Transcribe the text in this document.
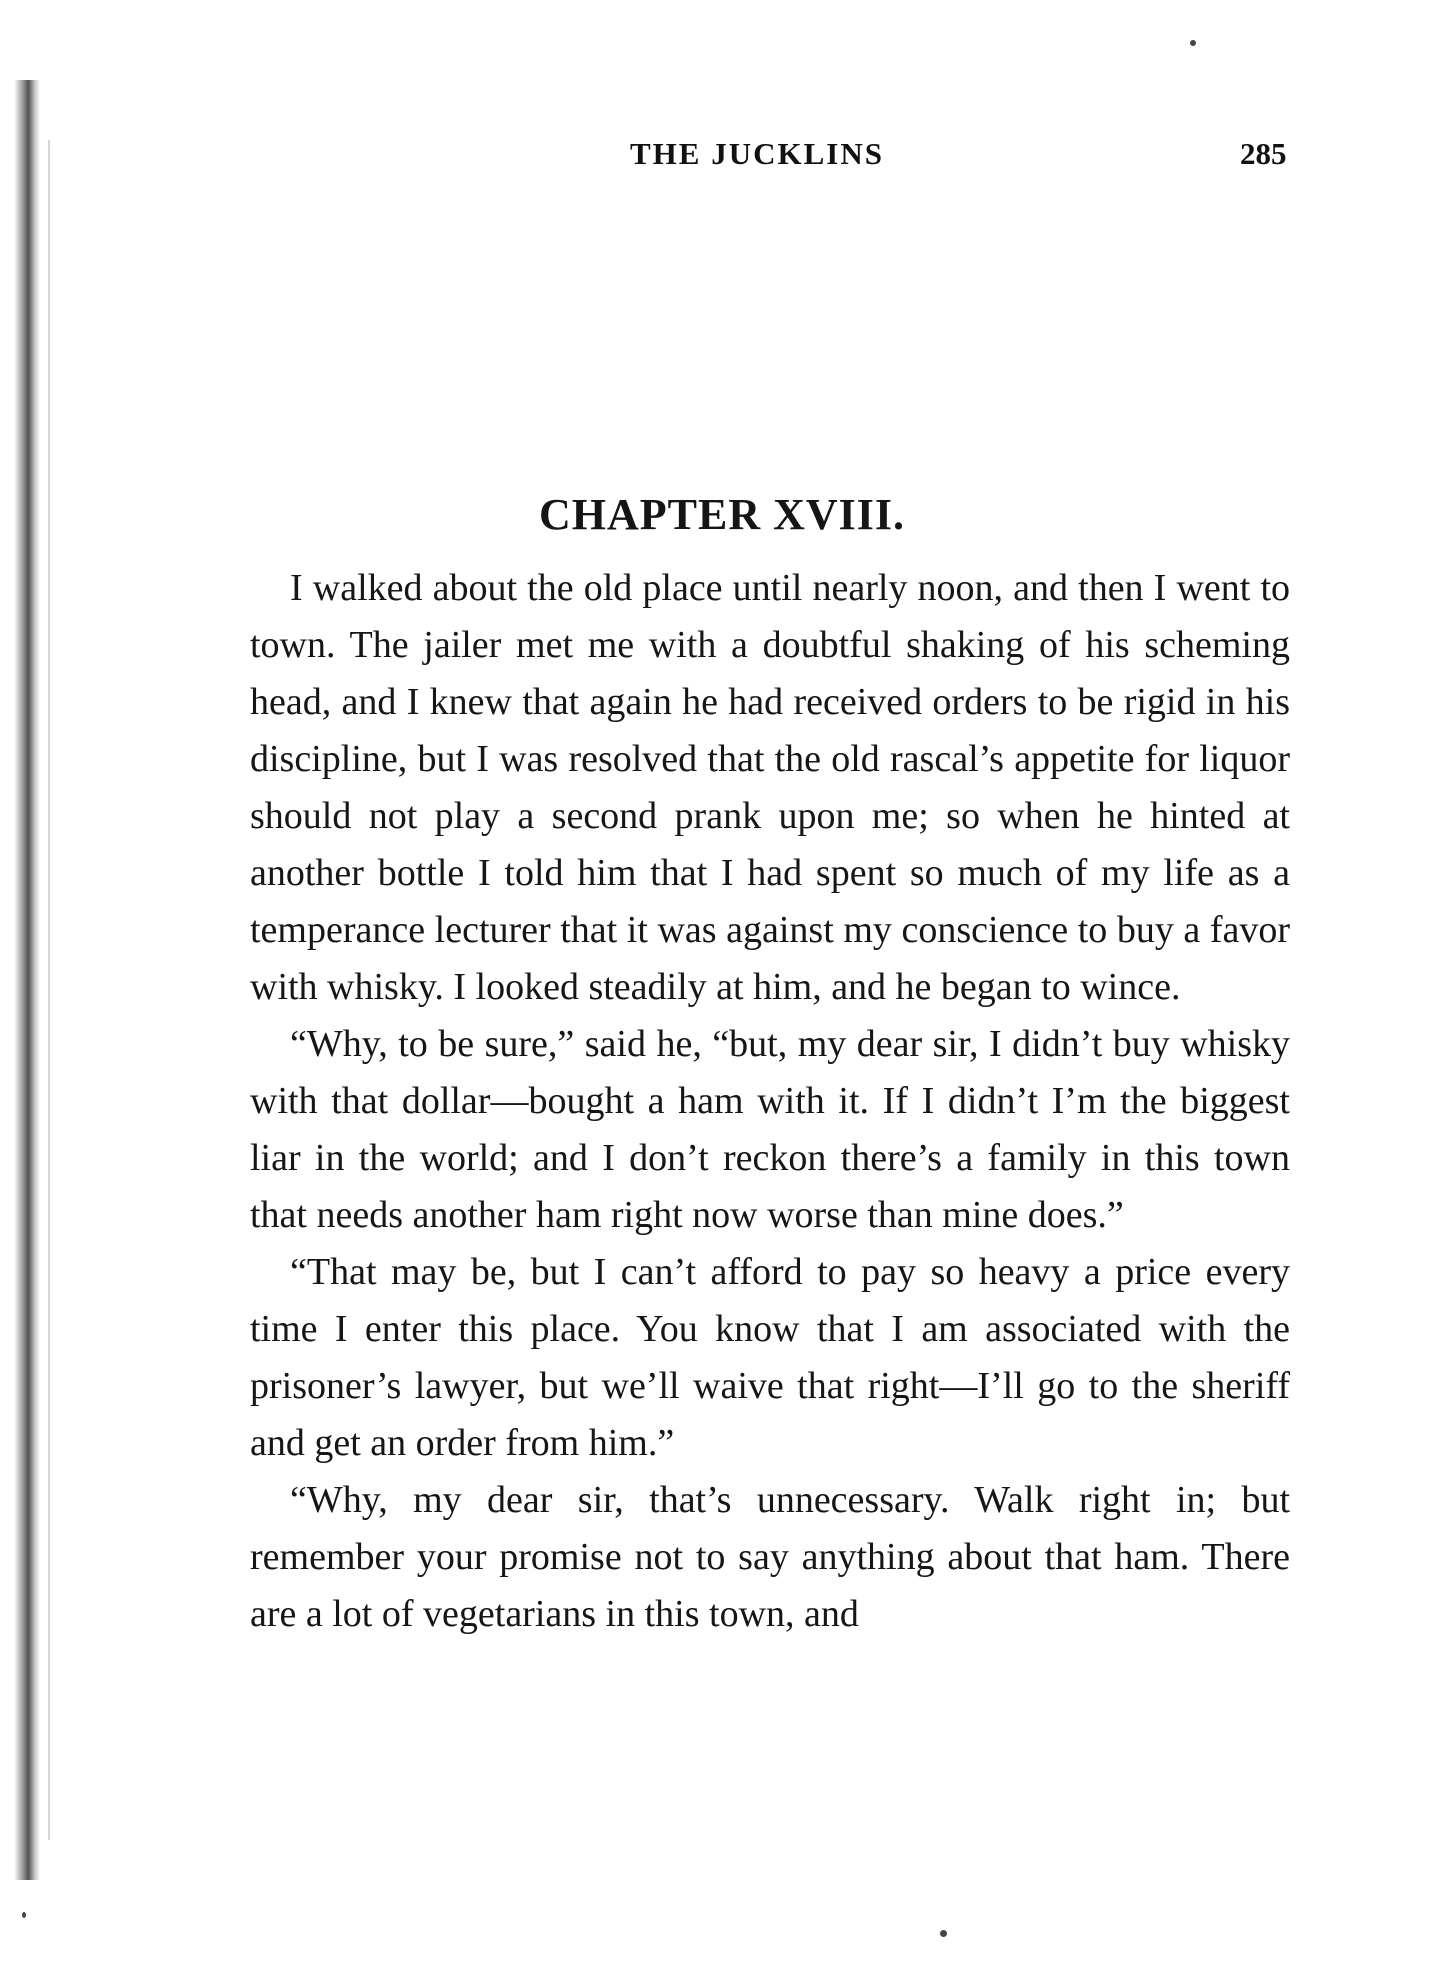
THE JUCKLINS	285
CHAPTER XVIII.

I walked about the old place until nearly noon, and then I went to town. The jailer met me with a doubtful shaking of his scheming head, and I knew that again he had received orders to be rigid in his discipline, but I was resolved that the old rascal’s appetite for liquor should not play a second prank upon me; so when he hinted at another bottle I told him that I had spent so much of my life as a temperance lecturer that it was against my conscience to buy a favor with whisky. I looked steadily at him, and he began to wince.

“Why, to be sure,” said he, “but, my dear sir, I didn’t buy whisky with that dollar—bought a ham with it. If I didn’t I’m the biggest liar in the world; and I don’t reckon there’s a family in this town that needs another ham right now worse than mine does.”

“That may be, but I can’t afford to pay so heavy a price every time I enter this place. You know that I am associated with the prisoner’s lawyer, but we’ll waive that right—I’ll go to the sheriff and get an order from him.”

“Why, my dear sir, that’s unnecessary. Walk right in; but remember your promise not to say anything about that ham. There are a lot of vegetarians in this town, and
